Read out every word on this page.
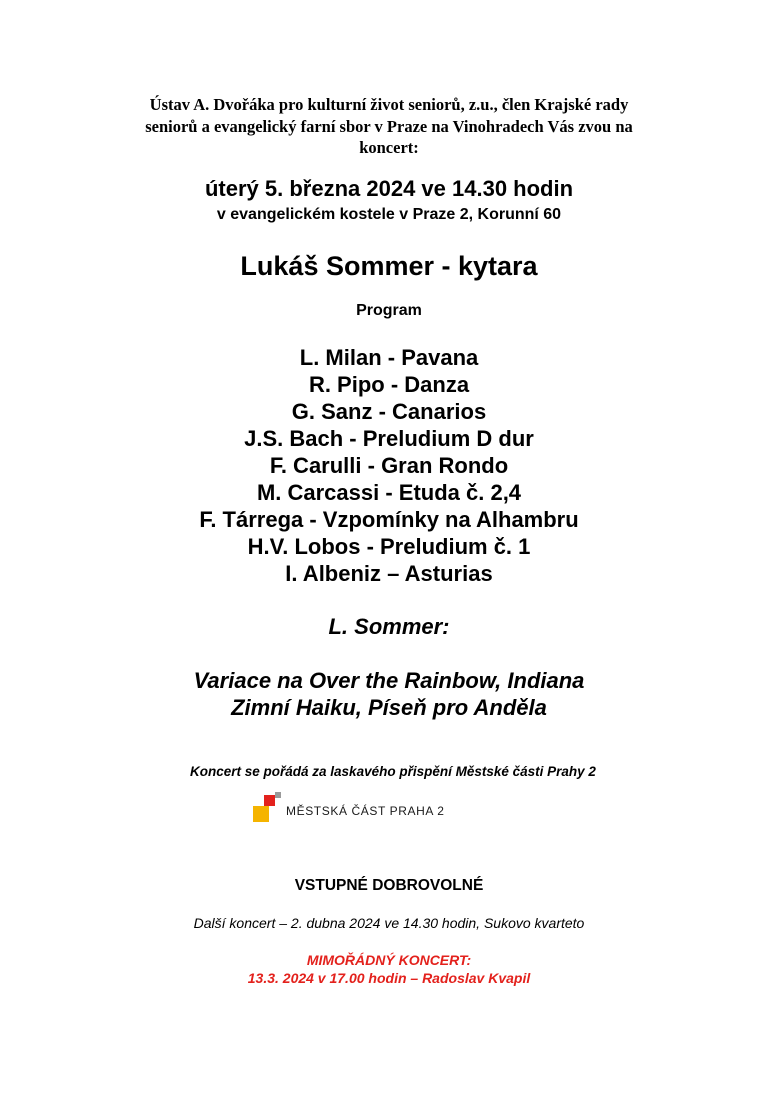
Ústav A. Dvořáka pro kulturní život seniorů, z.u., člen Krajské rady
seniorů a evangelický farní sbor v Praze na Vinohradech Vás zvou na
koncert:
úterý 5. března 2024 ve 14.30 hodin
v evangelickém kostele v Praze 2, Korunní 60
Lukáš Sommer - kytara
Program
L. Milan - Pavana
R. Pipo - Danza
G. Sanz - Canarios
J.S. Bach - Preludium D dur
F. Carulli - Gran Rondo
M. Carcassi - Etuda č. 2,4
F. Tárrega - Vzpomínky na Alhambru
H.V. Lobos - Preludium č. 1
I. Albeniz – Asturias
L. Sommer:
Variace na Over the Rainbow, Indiana
Zimní Haiku, Píseň pro Anděla
Koncert se pořádá za laskavého přispění Městské části Prahy 2
MĚSTSKÁ ČÁST PRAHA 2
VSTUPNÉ DOBROVOLNÉ
Další koncert – 2. dubna 2024 ve 14.30 hodin, Sukovo kvarteto
MIMOŘÁDNÝ KONCERT:
13.3. 2024 v 17.00 hodin – Radoslav Kvapil
